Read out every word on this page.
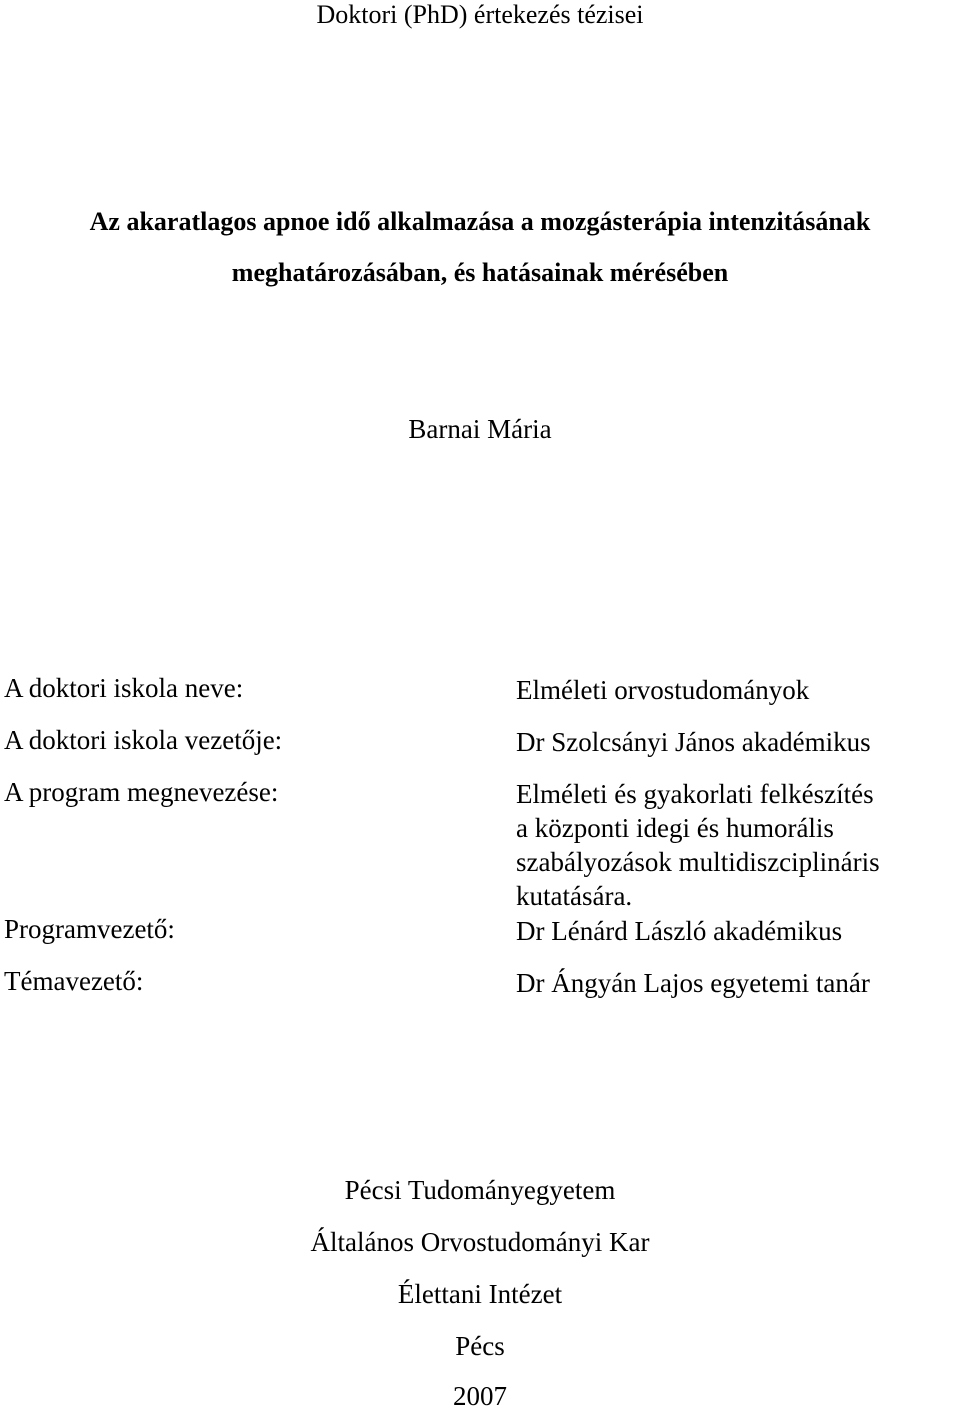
Doktori (PhD) értekezés tézisei
Az akaratlagos apnoe idő alkalmazása a mozgásterápia intenzitásának
meghatározásában, és hatásainak mérésében
Barnai Mária
A doktori iskola neve:	Elméleti orvostudományok
A doktori iskola vezetője:	Dr Szolcsányi János akadémikus
A program megnevezése:	Elméleti és gyakorlati felkészítés
a központi idegi és humorális
szabályozások multidiszciplináris
kutatására.
Programvezető:	Dr Lénárd László akadémikus
Témavezető:	Dr Ángyán Lajos egyetemi tanár
Pécsi Tudományegyetem
Általános Orvostudományi Kar
Élettani Intézet
Pécs
2007
